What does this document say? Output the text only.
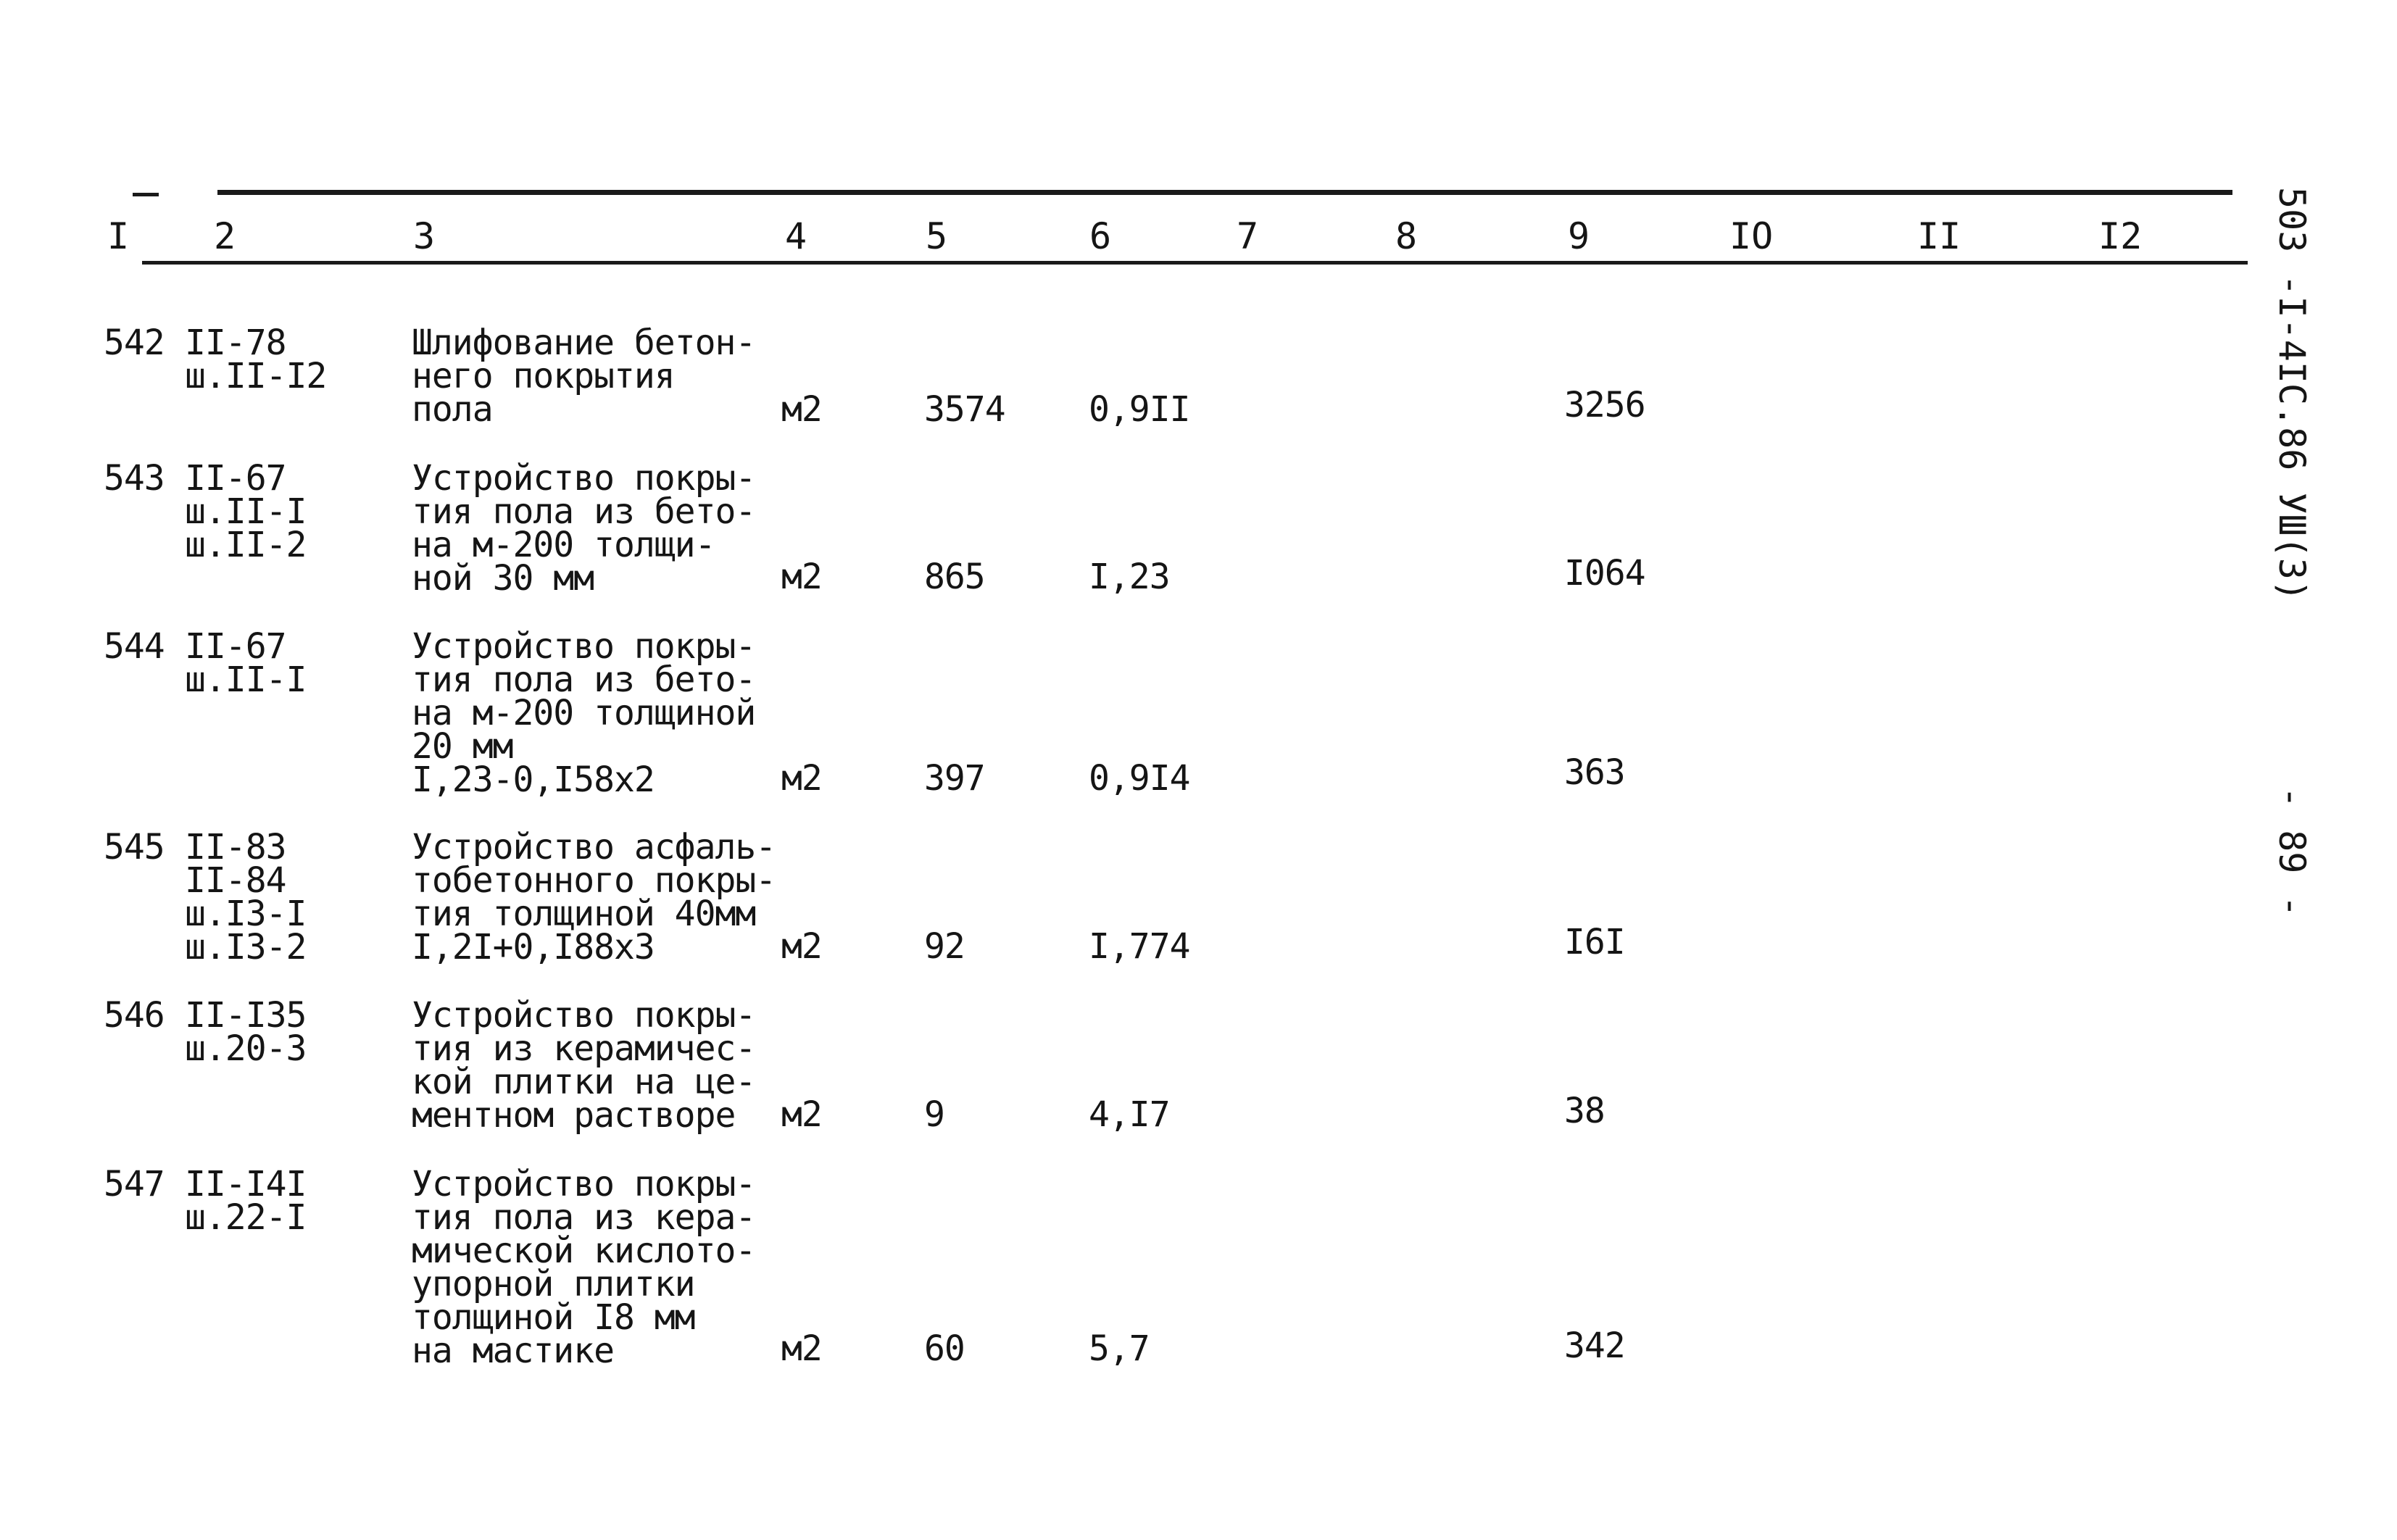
I 2	3	4	5	6	7	8	9	IO	II	I2
542 II-78
ш.II-I2
Шлифование бетон-
него покрытия
пола	м2	3574 0,9II	3256
543 II-67
ш.II-I
ш.II-2
Устройство покры-
тия пола из бето-
на м-200 толщи-
ной 30 мм	м2	865	I,23	I064
544 II-67
ш.II-I
Устройство покры-
тия пола из бето-
на м-200 толщиной
20 мм
I,23-0,I58x2	м2	397	0,9I4	363
545 II-83
II-84
ш.I3-I
ш.I3-2
Устройство асфаль-
тобетонного покры-
тия толщиной 40мм
I,2I+0,I88x3	м2	92	I,774	I6I
546 II-I35
ш.20-3
Устройство покры-
тия из керамичес-
кой плитки на це-
ментном растворе	м2	9	4,I7	38
547 II-I4I
ш.22-I
Устройство покры-
тия пола из кера-
мической кислото-
упорной плитки
толщиной I8 мм
на мастике	м2	60	5,7	342
503 -I-4IC.86 УШ(3)
- 89 -
